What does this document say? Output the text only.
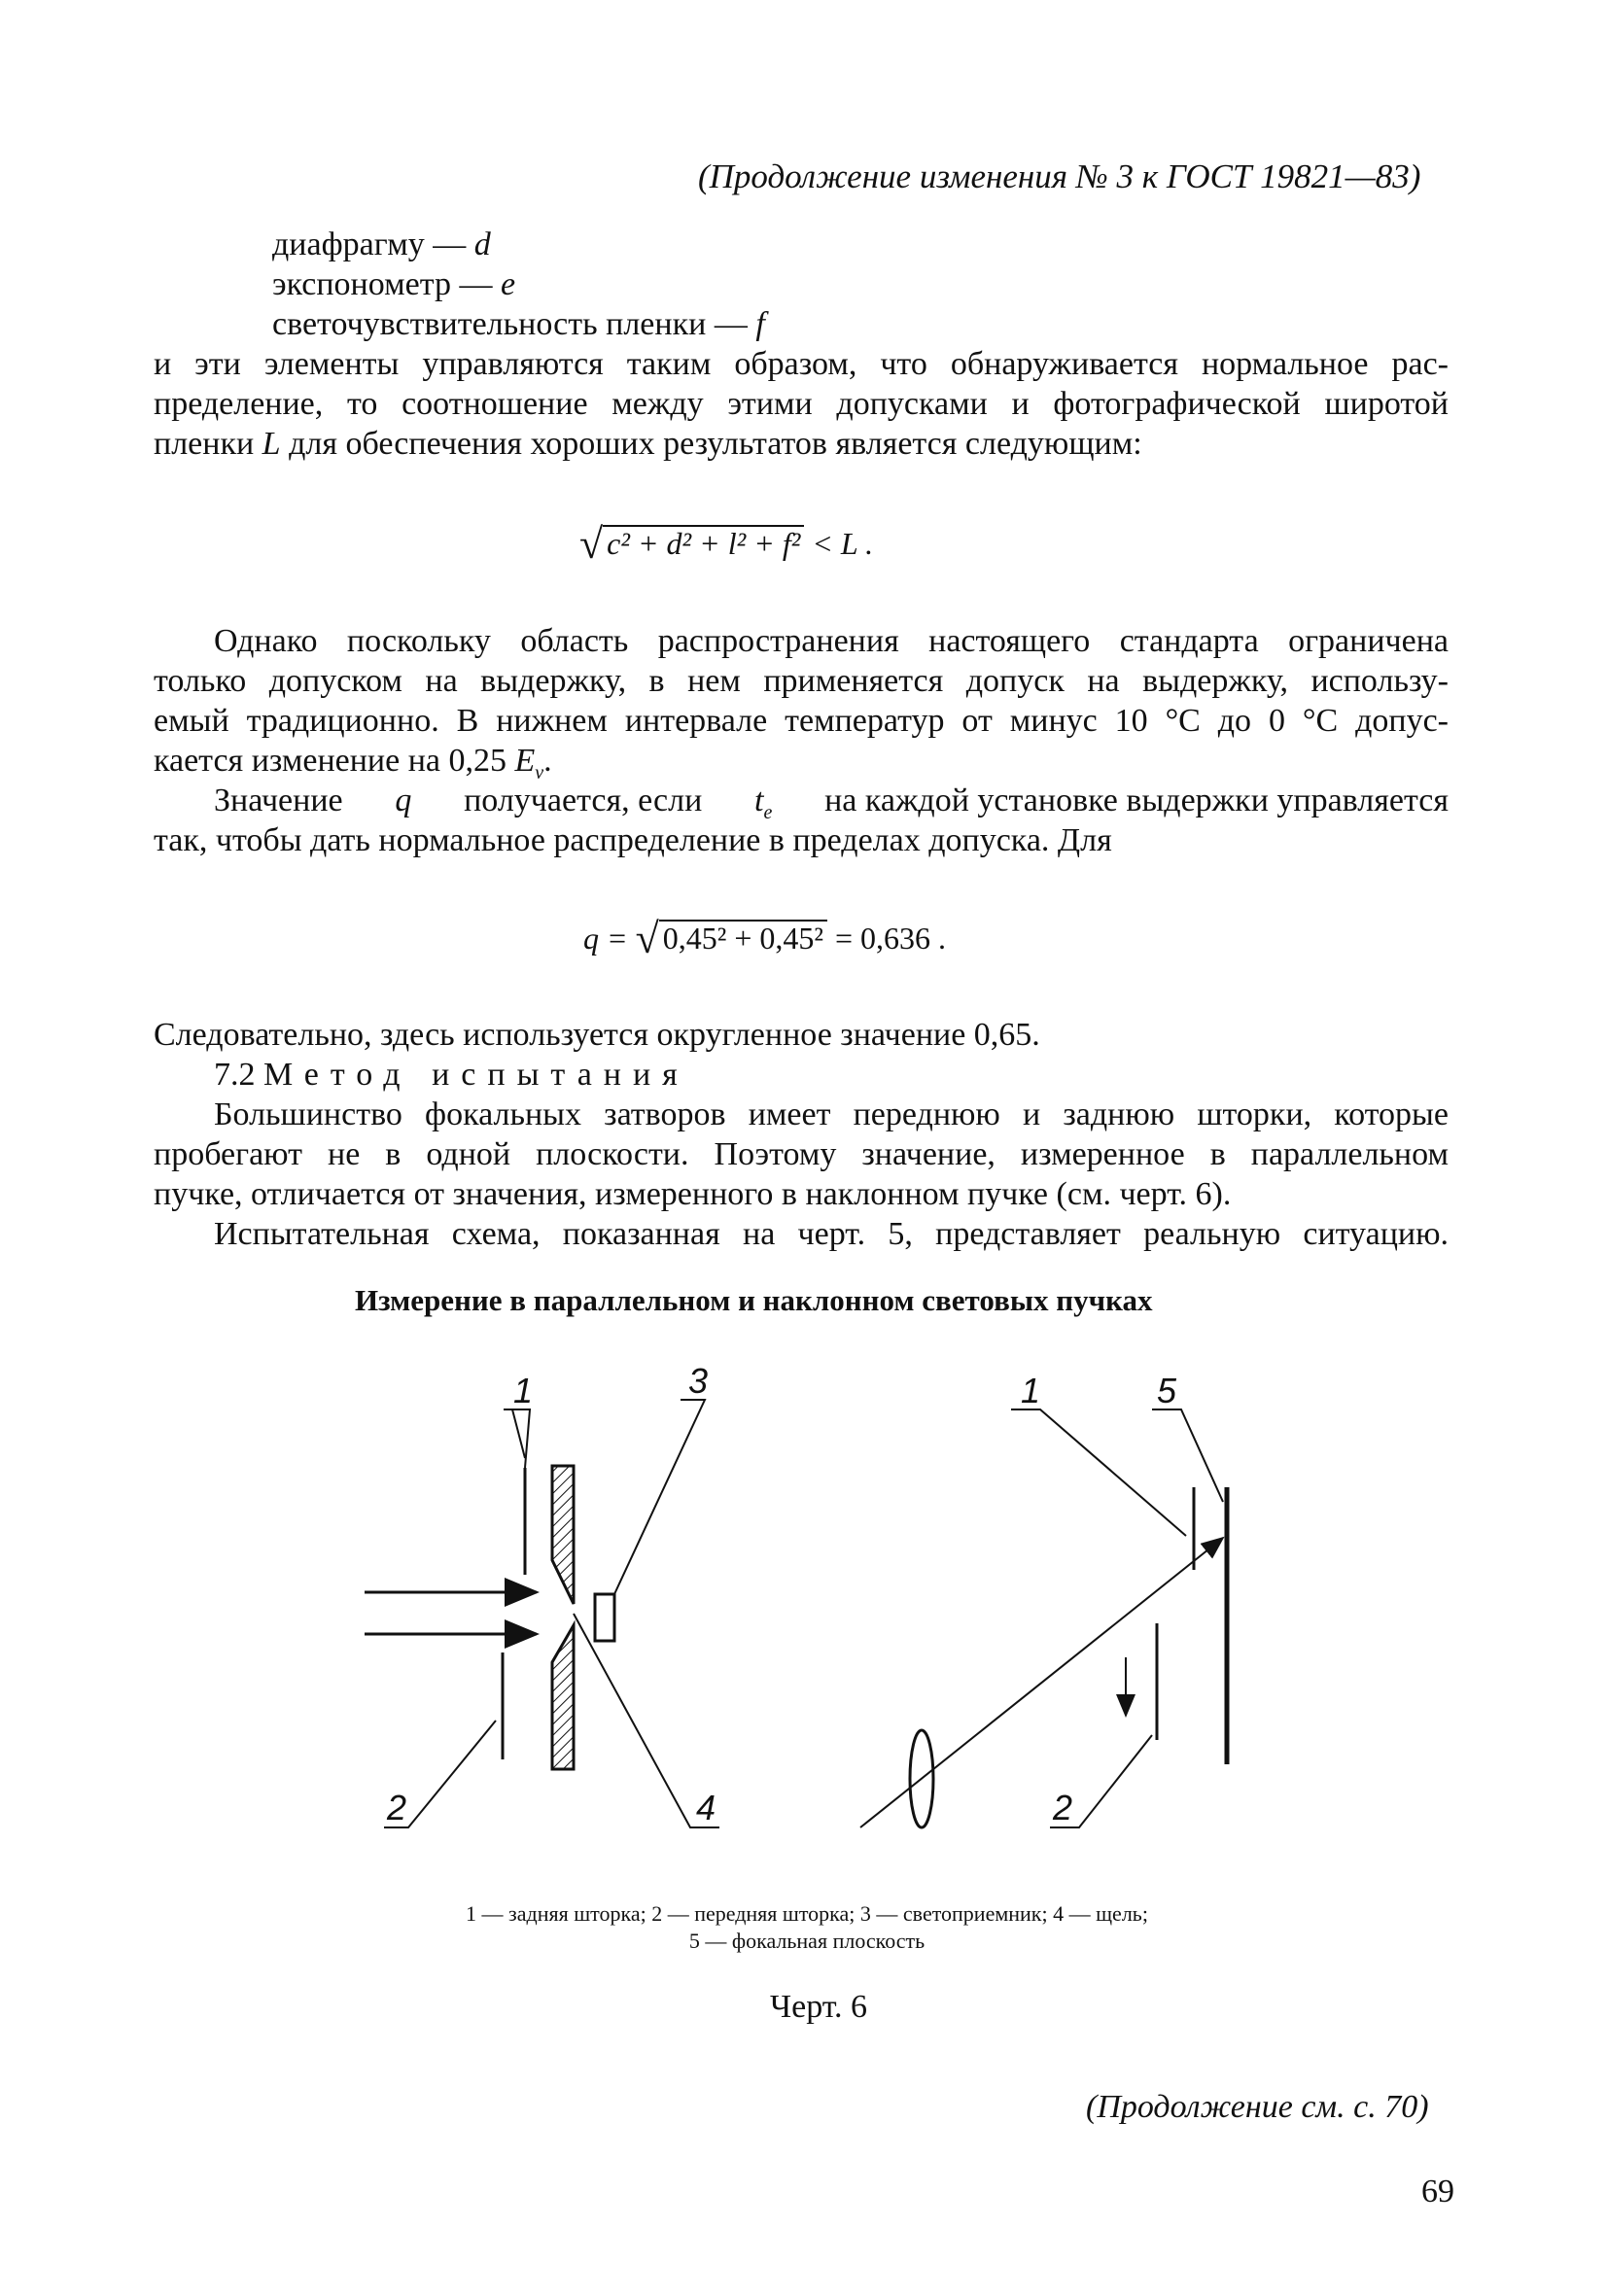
(Продолжение изменения № 3 к ГОСТ 19821—83)
диафрагму — d
экспонометр — e
светочувствительность пленки — f
и эти элементы управляются таким образом, что обнаруживается нормальное рас-
пределение, то соотношение между этими допусками и фотографической широтой
пленки L для обеспечения хороших результатов является следующим:
√ c² + d² + l² + f² < L .
Однако поскольку область распространения настоящего стандарта ограничена
только допуском на выдержку, в нем применяется допуск на выдержку, использу-
емый традиционно. В нижнем интервале температур от минус 10 °С до 0 °С допус-
кается изменение на 0,25 $E_v$.
Значение q получается, если $t_e$ на каждой установке выдержки управляется
так, чтобы дать нормальное распределение в пределах допуска. Для
q = √ 0,45² + 0,45² = 0,636 .
Следовательно, здесь используется округленное значение 0,65.
7.2 Метод испытания
Большинство фокальных затворов имеет переднюю и заднюю шторки, которые
пробегают не в одной плоскости. Поэтому значение, измеренное в параллельном
пучке, отличается от значения, измеренного в наклонном пучке (см. черт. 6).
Испытательная схема, показанная на черт. 5, представляет реальную ситуацию.
Измерение в параллельном и наклонном световых пучках
1	3
2	4
1	5
2
1 — задняя шторка; 2 — передняя шторка; 3 — светоприемник; 4 — щель;
5 — фокальная плоскость
Черт. 6
(Продолжение см. с. 70)
69
